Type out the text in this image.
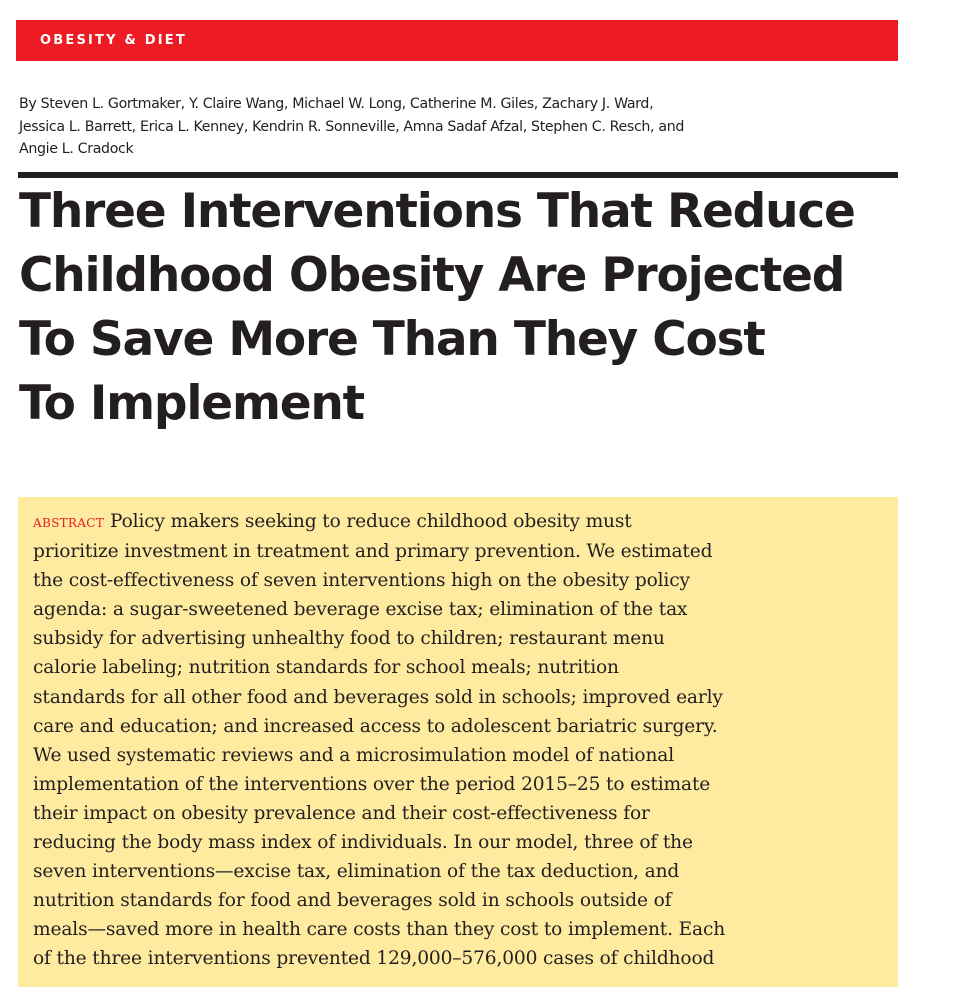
OBESITY & DIET
By Steven L. Gortmaker, Y. Claire Wang, Michael W. Long, Catherine M. Giles, Zachary J. Ward,
Jessica L. Barrett, Erica L. Kenney, Kendrin R. Sonneville, Amna Sadaf Afzal, Stephen C. Resch, and
Angie L. Cradock
Three Interventions That Reduce
Childhood Obesity Are Projected
To Save More Than They Cost
To Implement
abstract Policy makers seeking to reduce childhood obesity must
prioritize investment in treatment and primary prevention. We estimated
the cost-effectiveness of seven interventions high on the obesity policy
agenda: a sugar-sweetened beverage excise tax; elimination of the tax
subsidy for advertising unhealthy food to children; restaurant menu
calorie labeling; nutrition standards for school meals; nutrition
standards for all other food and beverages sold in schools; improved early
care and education; and increased access to adolescent bariatric surgery.
We used systematic reviews and a microsimulation model of national
implementation of the interventions over the period 2015–25 to estimate
their impact on obesity prevalence and their cost-effectiveness for
reducing the body mass index of individuals. In our model, three of the
seven interventions—excise tax, elimination of the tax deduction, and
nutrition standards for food and beverages sold in schools outside of
meals—saved more in health care costs than they cost to implement. Each
of the three interventions prevented 129,000–576,000 cases of childhood
